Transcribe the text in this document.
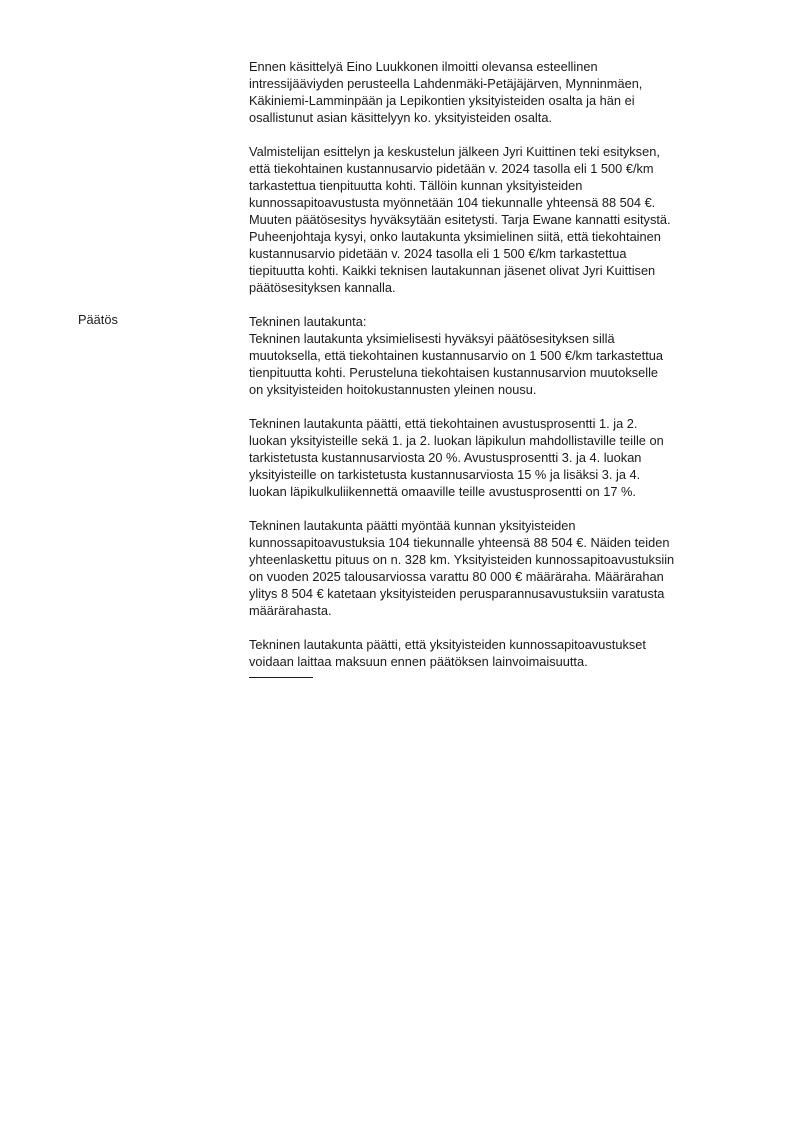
Päätös

Ennen käsittelyä Eino Luukkonen ilmoitti olevansa esteellinen
intressijääviyden perusteella Lahdenmäki-Petäjäjärven, Mynninmäen,
Käkiniemi-Lamminpään ja Lepikontien yksityisteiden osalta ja hän ei
osallistunut asian käsittelyyn ko. yksityisteiden osalta.

Valmistelijan esittelyn ja keskustelun jälkeen Jyri Kuittinen teki esityksen,
että tiekohtainen kustannusarvio pidetään v. 2024 tasolla eli 1 500 €/km
tarkastettua tienpituutta kohti. Tällöin kunnan yksityisteiden
kunnossapitoavustusta myönnetään 104 tiekunnalle yhteensä 88 504 €.
Muuten päätösesitys hyväksytään esitetysti. Tarja Ewane kannatti esitystä.
Puheenjohtaja kysyi, onko lautakunta yksimielinen siitä, että tiekohtainen
kustannusarvio pidetään v. 2024 tasolla eli 1 500 €/km tarkastettua
tiepituutta kohti. Kaikki teknisen lautakunnan jäsenet olivat Jyri Kuittisen
päätösesityksen kannalla.

Tekninen lautakunta:

Tekninen lautakunta yksimielisesti hyväksyi päätösesityksen sillä
muutoksella, että tiekohtainen kustannusarvio on 1 500 €/km tarkastettua
tienpituutta kohti. Perusteluna tiekohtaisen kustannusarvion muutokselle
on yksityisteiden hoitokustannusten yleinen nousu.

Tekninen lautakunta päätti, että tiekohtainen avustusprosentti 1. ja 2.
luokan yksityisteille sekä 1. ja 2. luokan läpikulun mahdollistaville teille on
tarkistetusta kustannusarviosta 20 %. Avustusprosentti 3. ja 4. luokan
yksityisteille on tarkistetusta kustannusarviosta 15 % ja lisäksi 3. ja 4.
luokan läpikulkuliikennettä omaaville teille avustusprosentti on 17 %.

Tekninen lautakunta päätti myöntää kunnan yksityisteiden
kunnossapitoavustuksia 104 tiekunnalle yhteensä 88 504 €. Näiden teiden
yhteenlaskettu pituus on n. 328 km. Yksityisteiden kunnossapitoavustuksiin
on vuoden 2025 talousarviossa varattu 80 000 € määräraha. Määrärahan
ylitys 8 504 € katetaan yksityisteiden perusparannusavustuksiin varatusta
määrärahasta.

Tekninen lautakunta päätti, että yksityisteiden kunnossapitoavustukset
voidaan laittaa maksuun ennen päätöksen lainvoimaisuutta.
